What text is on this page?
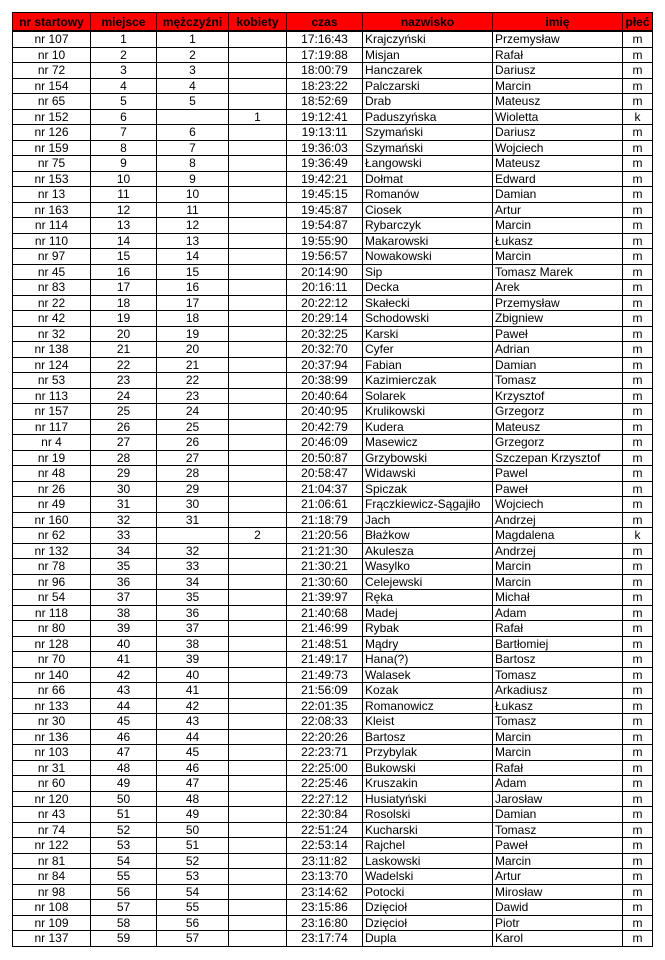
nr startowy	miejsce	mężczyźni	kobiety	czas	nazwisko	imię	płeć
nr 107	1	1		17:16:43	Krajczyński	Przemysław	m
nr 10	2	2		17:19:88	Misjan	Rafał	m
nr 72	3	3		18:00:79	Hanczarek	Dariusz	m
nr 154	4	4		18:23:22	Palczarski	Marcin	m
nr 65	5	5		18:52:69	Drab	Mateusz	m
nr 152	6		1	19:12:41	Paduszyńska	Wioletta	k
nr 126	7	6		19:13:11	Szymański	Dariusz	m
nr 159	8	7		19:36:03	Szymański	Wojciech	m
nr 75	9	8		19:36:49	Łangowski	Mateusz	m
nr 153	10	9		19:42:21	Dołmat	Edward	m
nr 13	11	10		19:45:15	Romanów	Damian	m
nr 163	12	11		19:45:87	Ciosek	Artur	m
nr 114	13	12		19:54:87	Rybarczyk	Marcin	m
nr 110	14	13		19:55:90	Makarowski	Łukasz	m
nr 97	15	14		19:56:57	Nowakowski	Marcin	m
nr 45	16	15		20:14:90	Sip	Tomasz Marek	m
nr 83	17	16		20:16:11	Decka	Arek	m
nr 22	18	17		20:22:12	Skałecki	Przemysław	m
nr 42	19	18		20:29:14	Schodowski	Zbigniew	m
nr 32	20	19		20:32:25	Karski	Paweł	m
nr 138	21	20		20:32:70	Cyfer	Adrian	m
nr 124	22	21		20:37:94	Fabian	Damian	m
nr 53	23	22		20:38:99	Kazimierczak	Tomasz	m
nr 113	24	23		20:40:64	Solarek	Krzysztof	m
nr 157	25	24		20:40:95	Krulikowski	Grzegorz	m
nr 117	26	25		20:42:79	Kudera	Mateusz	m
nr 4	27	26		20:46:09	Masewicz	Grzegorz	m
nr 19	28	27		20:50:87	Grzybowski	Szczepan Krzysztof	m
nr 48	29	28		20:58:47	Widawski	Pawel	m
nr 26	30	29		21:04:37	Spiczak	Paweł	m
nr 49	31	30		21:06:61	Frączkiewicz-Sągajiło	Wojciech	m
nr 160	32	31		21:18:79	Jach	Andrzej	m
nr 62	33		2	21:20:56	Błażkow	Magdalena	k
nr 132	34	32		21:21:30	Akulesza	Andrzej	m
nr 78	35	33		21:30:21	Wasylko	Marcin	m
nr 96	36	34		21:30:60	Celejewski	Marcin	m
nr 54	37	35		21:39:97	Ręka	Michał	m
nr 118	38	36		21:40:68	Madej	Adam	m
nr 80	39	37		21:46:99	Rybak	Rafał	m
nr 128	40	38		21:48:51	Mądry	Bartłomiej	m
nr 70	41	39		21:49:17	Hana(?)	Bartosz	m
nr 140	42	40		21:49:73	Walasek	Tomasz	m
nr 66	43	41		21:56:09	Kozak	Arkadiusz	m
nr 133	44	42		22:01:35	Romanowicz	Łukasz	m
nr 30	45	43		22:08:33	Kleist	Tomasz	m
nr 136	46	44		22:20:26	Bartosz	Marcin	m
nr 103	47	45		22:23:71	Przybylak	Marcin	m
nr 31	48	46		22:25:00	Bukowski	Rafał	m
nr 60	49	47		22:25:46	Kruszakin	Adam	m
nr 120	50	48		22:27:12	Husiatyński	Jarosław	m
nr 43	51	49		22:30:84	Rosolski	Damian	m
nr 74	52	50		22:51:24	Kucharski	Tomasz	m
nr 122	53	51		22:53:14	Rajchel	Paweł	m
nr 81	54	52		23:11:82	Laskowski	Marcin	m
nr 84	55	53		23:13:70	Wadelski	Artur	m
nr 98	56	54		23:14:62	Potocki	Mirosław	m
nr 108	57	55		23:15:86	Dzięcioł	Dawid	m
nr 109	58	56		23:16:80	Dzięcioł	Piotr	m
nr 137	59	57		23:17:74	Dupla	Karol	m
